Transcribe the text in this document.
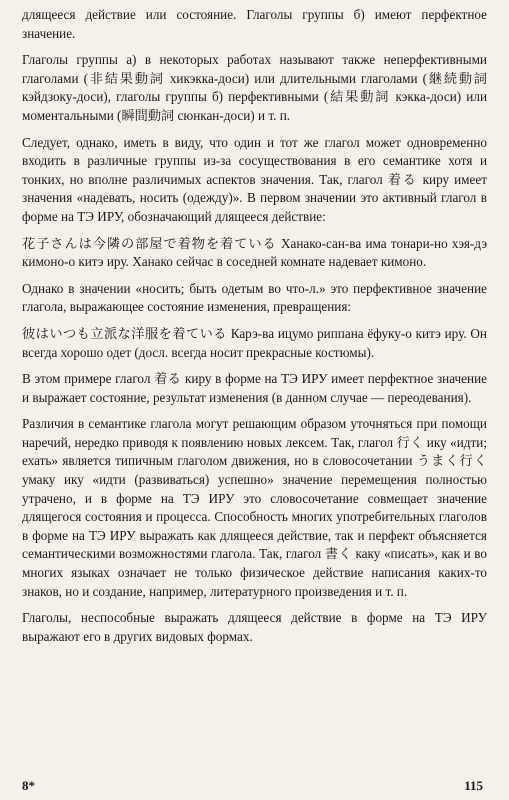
длящееся действие или состояние. Глаголы группы б) имеют перфектное значение.

Глаголы группы а) в некоторых работах называют также неперфективными глаголами (非結果動詞 хикэкка-доси) или длительными глаголами (継続動詞 кэйдзоку-доси), глаголы группы б) перфективными (結果動詞 кэкка-доси) или моментальными (瞬間動詞 сюнкан-доси) и т. п.

Следует, однако, иметь в виду, что один и тот же глагол может одновременно входить в различные группы из-за сосуществования в его семантике хотя и тонких, но вполне различимых аспектов значения. Так, глагол 着る киру имеет значения «надевать, носить (одежду)». В первом значении это активный глагол в форме на ТЭ ИРУ, обозначающий длящееся действие:

花子さんは今隣の部屋で着物を着ている Ханако-сан-ва има тонари-но хэя-дэ кимоно-о китэ иру. Ханако сейчас в соседней комнате надевает кимоно.

Однако в значении «носить; быть одетым во что-л.» это перфективное значение глагола, выражающее состояние изменения, превращения:

彼はいつも立派な洋服を着ている Карэ-ва ицумо риппана ёфуку-о китэ иру. Он всегда хорошо одет (досл. всегда носит прекрасные костюмы).

В этом примере глагол 着る киру в форме на ТЭ ИРУ имеет перфектное значение и выражает состояние, результат изменения (в данном случае — переодевания).

Различия в семантике глагола могут решающим образом уточняться при помощи наречий, нередко приводя к появлению новых лексем. Так, глагол 行く ику «идти; ехать» является типичным глаголом движения, но в словосочетании うまく行く умаку ику «идти (развиваться) успешно» значение перемещения полностью утрачено, и в форме на ТЭ ИРУ это словосочетание совмещает значение длящегося состояния и процесса. Способность многих употребительных глаголов в форме на ТЭ ИРУ выражать как длящееся действие, так и перфект объясняется семантическими возможностями глагола. Так, глагол 書く каку «писать», как и во многих языках означает не только физическое действие написания каких-то знаков, но и создание, например, литературного произведения и т. п.

Глаголы, неспособные выражать длящееся действие в форме на ТЭ ИРУ выражают его в других видовых формах.

8*	115
